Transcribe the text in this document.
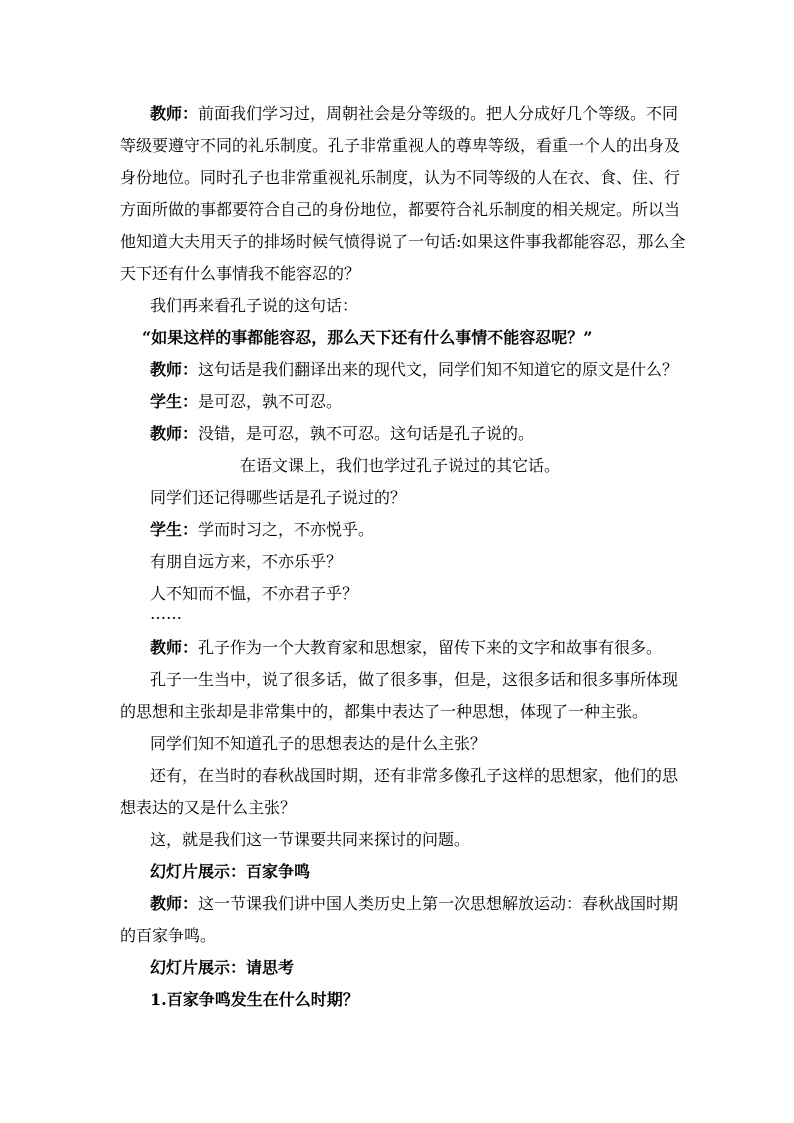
教师：前面我们学习过，周朝社会是分等级的。把人分成好几个等级。不同
等级要遵守不同的礼乐制度。孔子非常重视人的尊卑等级，看重一个人的出身及
身份地位。同时孔子也非常重视礼乐制度，认为不同等级的人在衣、食、住、行
方面所做的事都要符合自己的身份地位，都要符合礼乐制度的相关规定。所以当
他知道大夫用天子的排场时候气愤得说了一句话:如果这件事我都能容忍，那么全
天下还有什么事情我不能容忍的？
我们再来看孔子说的这句话：
“如果这样的事都能容忍，那么天下还有什么事情不能容忍呢？”
教师：这句话是我们翻译出来的现代文，同学们知不知道它的原文是什么？
学生：是可忍，孰不可忍。
教师：没错，是可忍，孰不可忍。这句话是孔子说的。
在语文课上，我们也学过孔子说过的其它话。
同学们还记得哪些话是孔子说过的？
学生：学而时习之，不亦悦乎。
有朋自远方来，不亦乐乎？
人不知而不愠，不亦君子乎？
……
教师：孔子作为一个大教育家和思想家，留传下来的文字和故事有很多。
孔子一生当中，说了很多话，做了很多事，但是，这很多话和很多事所体现
的思想和主张却是非常集中的，都集中表达了一种思想，体现了一种主张。
同学们知不知道孔子的思想表达的是什么主张？
还有，在当时的春秋战国时期，还有非常多像孔子这样的思想家，他们的思
想表达的又是什么主张？
这，就是我们这一节课要共同来探讨的问题。
幻灯片展示：百家争鸣
教师：这一节课我们讲中国人类历史上第一次思想解放运动：春秋战国时期
的百家争鸣。
幻灯片展示：请思考
1.百家争鸣发生在什么时期？
